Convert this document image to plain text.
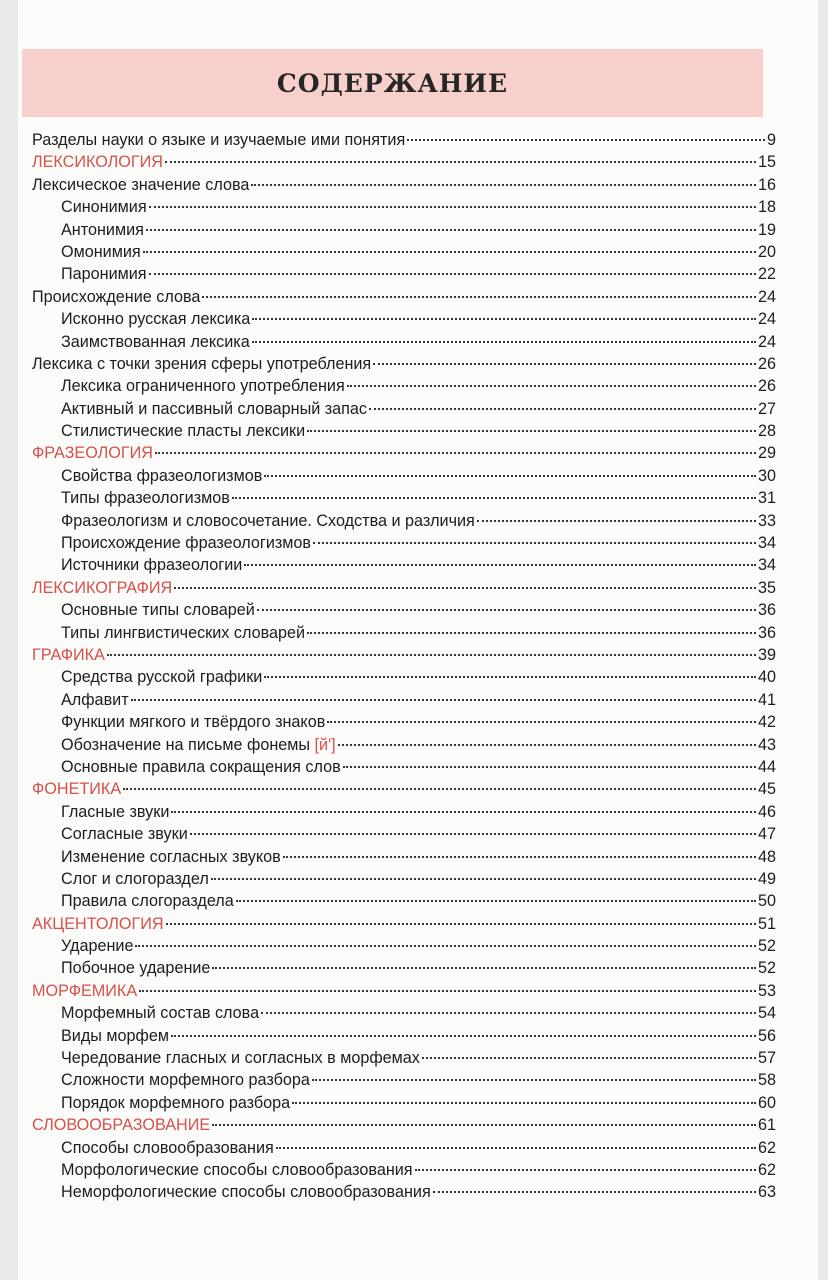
СОДЕРЖАНИЕ
Разделы науки о языке и изучаемые ими понятия	9
ЛЕКСИКОЛОГИЯ	15
Лексическое значение слова	16
Синонимия	18
Антонимия	19
Омонимия	20
Паронимия	22
Происхождение слова	24
Исконно русская лексика	24
Заимствованная лексика	24
Лексика с точки зрения сферы употребления	26
Лексика ограниченного употребления	26
Активный и пассивный словарный запас	27
Стилистические пласты лексики	28
ФРАЗЕОЛОГИЯ	29
Свойства фразеологизмов	30
Типы фразеологизмов	31
Фразеологизм и словосочетание. Сходства и различия	33
Происхождение фразеологизмов	34
Источники фразеологии	34
ЛЕКСИКОГРАФИЯ	35
Основные типы словарей	36
Типы лингвистических словарей	36
ГРАФИКА	39
Средства русской графики	40
Алфавит	41
Функции мягкого и твёрдого знаков	42
Обозначение на письме фонемы [й']	43
Основные правила сокращения слов	44
ФОНЕТИКА	45
Гласные звуки	46
Согласные звуки	47
Изменение согласных звуков	48
Слог и слогораздел	49
Правила слогораздела	50
АКЦЕНТОЛОГИЯ	51
Ударение	52
Побочное ударение	52
МОРФЕМИКА	53
Морфемный состав слова	54
Виды морфем	56
Чередование гласных и согласных в морфемах	57
Сложности морфемного разбора	58
Порядок морфемного разбора	60
СЛОВООБРАЗОВАНИЕ	61
Способы словообразования	62
Морфологические способы словообразования	62
Неморфологические способы словообразования	63
